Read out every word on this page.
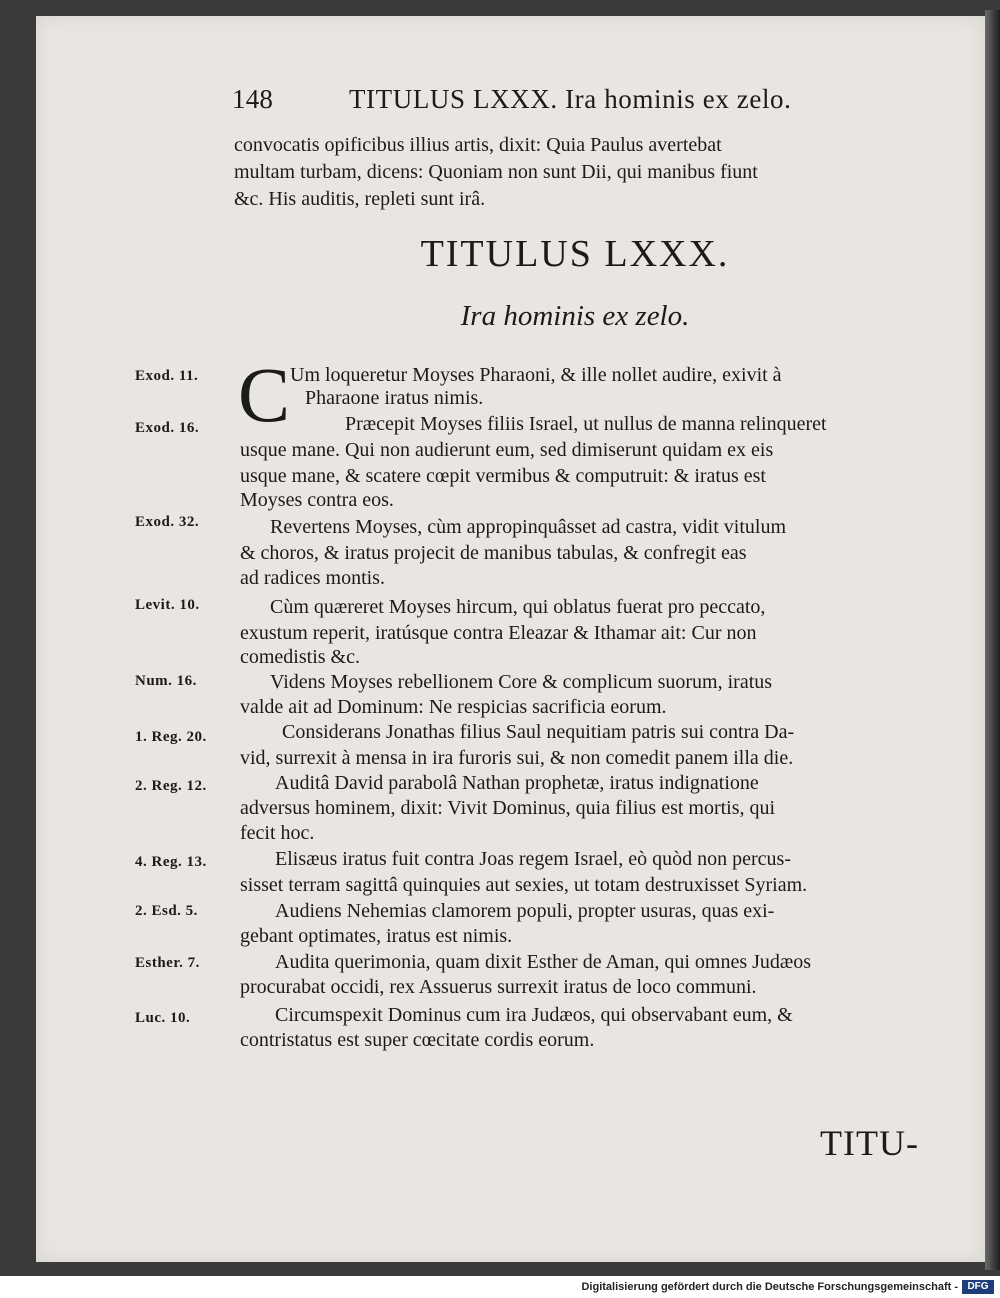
148	TITULUS LXXX. Ira hominis ex zelo.
convocatis opificibus illius artis, dixit: Quia Paulus avertebat
multam turbam, dicens: Quoniam non sunt Dii, qui manibus fiunt
&c. His auditis, repleti sunt irâ.
TITULUS LXXX.
Ira hominis ex zelo.
C
Exod. 11.
Exod. 16.
Exod. 32.
Levit. 10.
Num. 16.
1. Reg. 20.
2. Reg. 12.
4. Reg. 13.
2. Esd. 5.
Esther. 7.
Luc. 10.
Um loqueretur Moyses Pharaoni, & ille nollet audire, exivit à
Pharaone iratus nimis.
Præcepit Moyses filiis Israel, ut nullus de manna relinqueret
usque mane. Qui non audierunt eum, sed dimiserunt quidam ex eis
usque mane, & scatere cœpit vermibus & computruit: & iratus est
Moyses contra eos.
Revertens Moyses, cùm appropinquâsset ad castra, vidit vitulum
& choros, & iratus projecit de manibus tabulas, & confregit eas
ad radices montis.
Cùm quæreret Moyses hircum, qui oblatus fuerat pro peccato,
exustum reperit, iratúsque contra Eleazar & Ithamar ait: Cur non
comedistis &c.
Videns Moyses rebellionem Core & complicum suorum, iratus
valde ait ad Dominum: Ne respicias sacrificia eorum.
Considerans Jonathas filius Saul nequitiam patris sui contra Da-
vid, surrexit à mensa in ira furoris sui, & non comedit panem illa die.
Auditâ David parabolâ Nathan prophetæ, iratus indignatione
adversus hominem, dixit: Vivit Dominus, quia filius est mortis, qui
fecit hoc.
Elisæus iratus fuit contra Joas regem Israel, eò quòd non percus-
sisset terram sagittâ quinquies aut sexies, ut totam destruxisset Syriam.
Audiens Nehemias clamorem populi, propter usuras, quas exi-
gebant optimates, iratus est nimis.
Audita querimonia, quam dixit Esther de Aman, qui omnes Judæos
procurabat occidi, rex Assuerus surrexit iratus de loco communi.
Circumspexit Dominus cum ira Judæos, qui observabant eum, &
contristatus est super cœcitate cordis eorum.
TITU-
Digitalisierung gefördert durch die Deutsche Forschungsgemeinschaft - DFG
